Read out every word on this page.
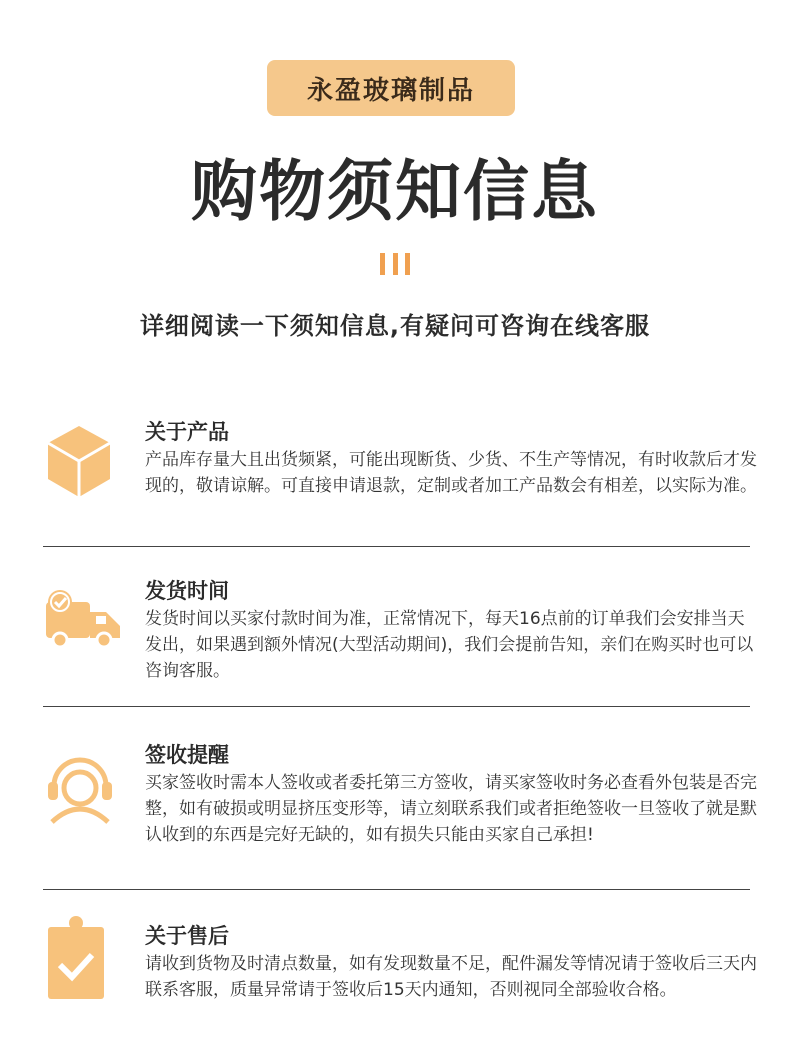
永盈玻璃制品
购物须知信息
详细阅读一下须知信息,有疑问可咨询在线客服
关于产品
产品库存量大且出货频紧，可能出现断货、少货、不生产等情况，有时收款后才发现的，敬请谅解。可直接申请退款，定制或者加工产品数会有相差，以实际为准。
发货时间
发货时间以买家付款时间为准，正常情况下，每天16点前的订单我们会安排当天发出，如果遇到额外情况(大型活动期间)，我们会提前告知，亲们在购买时也可以咨询客服。
签收提醒
买家签收时需本人签收或者委托第三方签收，请买家签收时务必查看外包装是否完整，如有破损或明显挤压变形等，请立刻联系我们或者拒绝签收一旦签收了就是默认收到的东西是完好无缺的，如有损失只能由买家自己承担!
关于售后
请收到货物及时清点数量，如有发现数量不足，配件漏发等情况请于签收后三天内联系客服，质量异常请于签收后15天内通知，否则视同全部验收合格。
